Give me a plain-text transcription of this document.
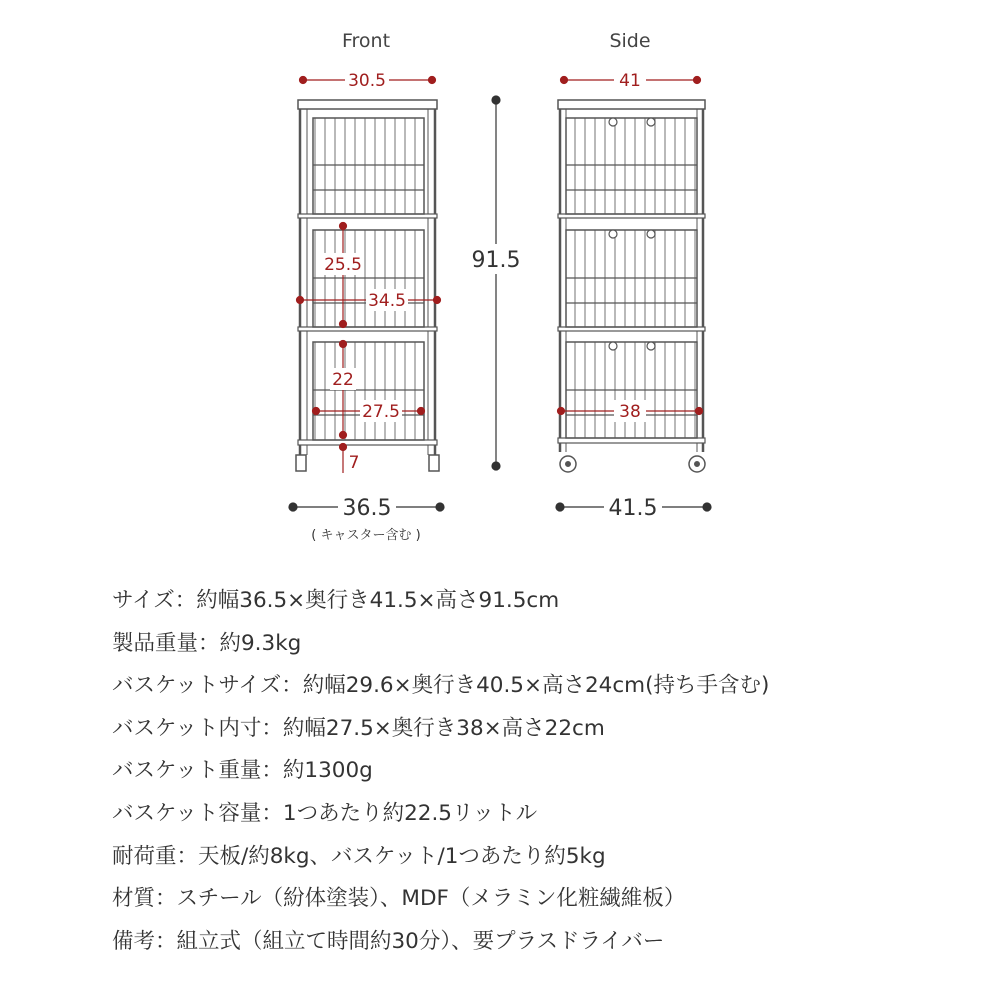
Front	Side
30.5
25.5
34.5
22
27.5
7
36.5
( キャスター含む )
91.5
41
38
41.5
サイズ：約幅36.5×奥行き41.5×高さ91.5cm
製品重量：約9.3kg
バスケットサイズ：約幅29.6×奥行き40.5×高さ24cm(持ち手含む)
バスケット内寸：約幅27.5×奥行き38×高さ22cm
バスケット重量：約1300g
バスケット容量：1つあたり約22.5リットル
耐荷重：天板/約8kg、バスケット/1つあたり約5kg
材質：スチール（紛体塗装）、MDF（メラミン化粧繊維板）
備考：組立式（組立て時間約30分）、要プラスドライバー
